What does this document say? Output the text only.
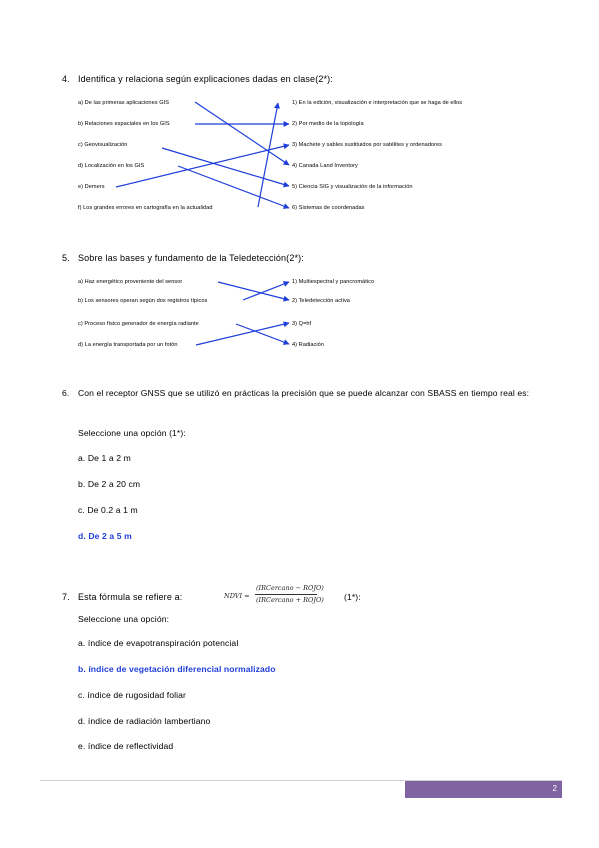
4. Identifica y relaciona según explicaciones dadas en clase(2*):
a) De las primeras aplicaciones GIS
b) Relaciones espaciales en los GIS
c) Geovisualización
d) Localización en los GIS
e) Demers
f) Los grandes errores en cartografía en la actualidad
1) En la edición, visualización e interpretación que se haga de ellos
2) Por medio de la topología
3) Machete y sables sustituidos por satélites y ordenadores
4) Canada Land Inventory
5) Ciencia SIG y visualización de la información
6) Sistemas de coordenadas
5. Sobre las bases y fundamento de la Teledetección(2*):
a) Haz energético proveniente del sensor
b) Los sensores operan según dos registros típicos
c) Proceso físico generador de energía radiante
d) La energía transportada por un fotón
1) Multiespectral y pancromático
2) Teledetección activa
3) Q=hf
4) Radiación
6. Con el receptor GNSS que se utilizó en prácticas la precisión que se puede alcanzar con SBASS en tiempo real es:
Seleccione una opción (1*):
a. De 1 a 2 m
b. De 2 a 20 cm
c. De 0.2 a 1 m
d. De 2 a 5 m
7. Esta fórmula se refiere a:	NDVI =
(IRCercano − ROJO)
(IRCercano + ROJO) (1*):
Seleccione una opción:
a. índice de evapotranspiración potencial
b. índice de vegetación diferencial normalizado
c. índice de rugosidad foliar
d. índice de radiación lambertiano
e. índice de reflectividad
2
